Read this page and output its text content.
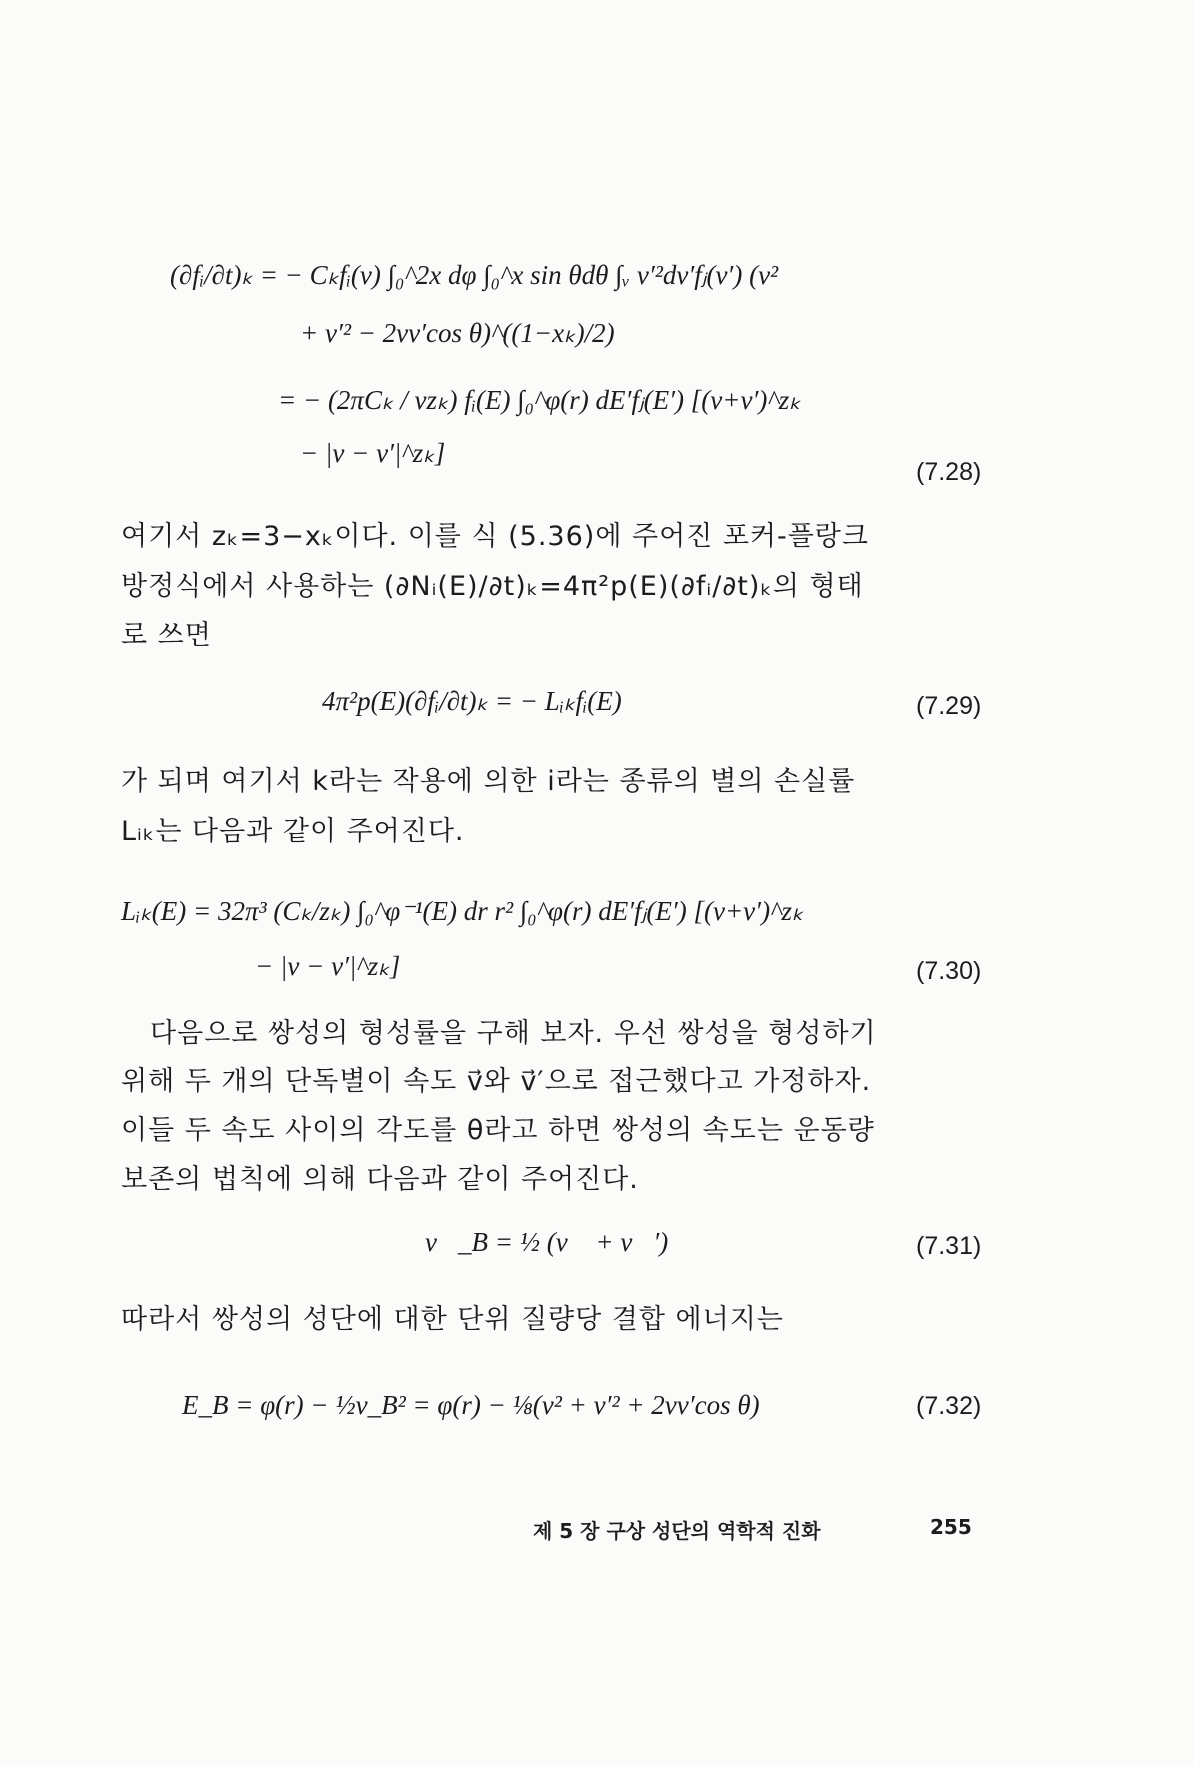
(∂fᵢ/∂t)ₖ = − Cₖfᵢ(v) ∫₀^2x dφ ∫₀^x sin θdθ ∫ᵥ v′²dv′fⱼ(v′) (v²
+ v′² − 2vv′cos θ)^((1−xₖ)/2)
= − (2πCₖ / vzₖ) fᵢ(E) ∫₀^φ(r) dE′fⱼ(E′) [(v+v′)^zₖ
− |v − v′|^zₖ]
(7.28)
여기서 zₖ=3−xₖ이다. 이를 식 (5.36)에 주어진 포커-플랑크
방정식에서 사용하는 (∂Nᵢ(E)/∂t)ₖ=4π²p(E)(∂fᵢ/∂t)ₖ의 형태
로 쓰면
4π²p(E)(∂fᵢ/∂t)ₖ = − Lᵢₖfᵢ(E)	(7.29)
가 되며 여기서 k라는 작용에 의한 i라는 종류의 별의 손실률
Lᵢₖ는 다음과 같이 주어진다.
Lᵢₖ(E) = 32π³ (Cₖ/zₖ) ∫₀^φ⁻¹(E) dr r² ∫₀^φ(r) dE′fⱼ(E′) [(v+v′)^zₖ
− |v − v′|^zₖ]	(7.30)
다음으로 쌍성의 형성률을 구해 보자. 우선 쌍성을 형성하기
위해 두 개의 단독별이 속도 v⃗와 v⃗′으로 접근했다고 가정하자.
이들 두 속도 사이의 각도를 θ라고 하면 쌍성의 속도는 운동량
보존의 법칙에 의해 다음과 같이 주어진다.
v⃗_B = ½ (v⃗ + v⃗′)	(7.31)
따라서 쌍성의 성단에 대한 단위 질량당 결합 에너지는
E_B = φ(r) − ½v_B² = φ(r) − ⅛(v² + v′² + 2vv′cos θ)	(7.32)
제 5 장 구상 성단의 역학적 진화	255
